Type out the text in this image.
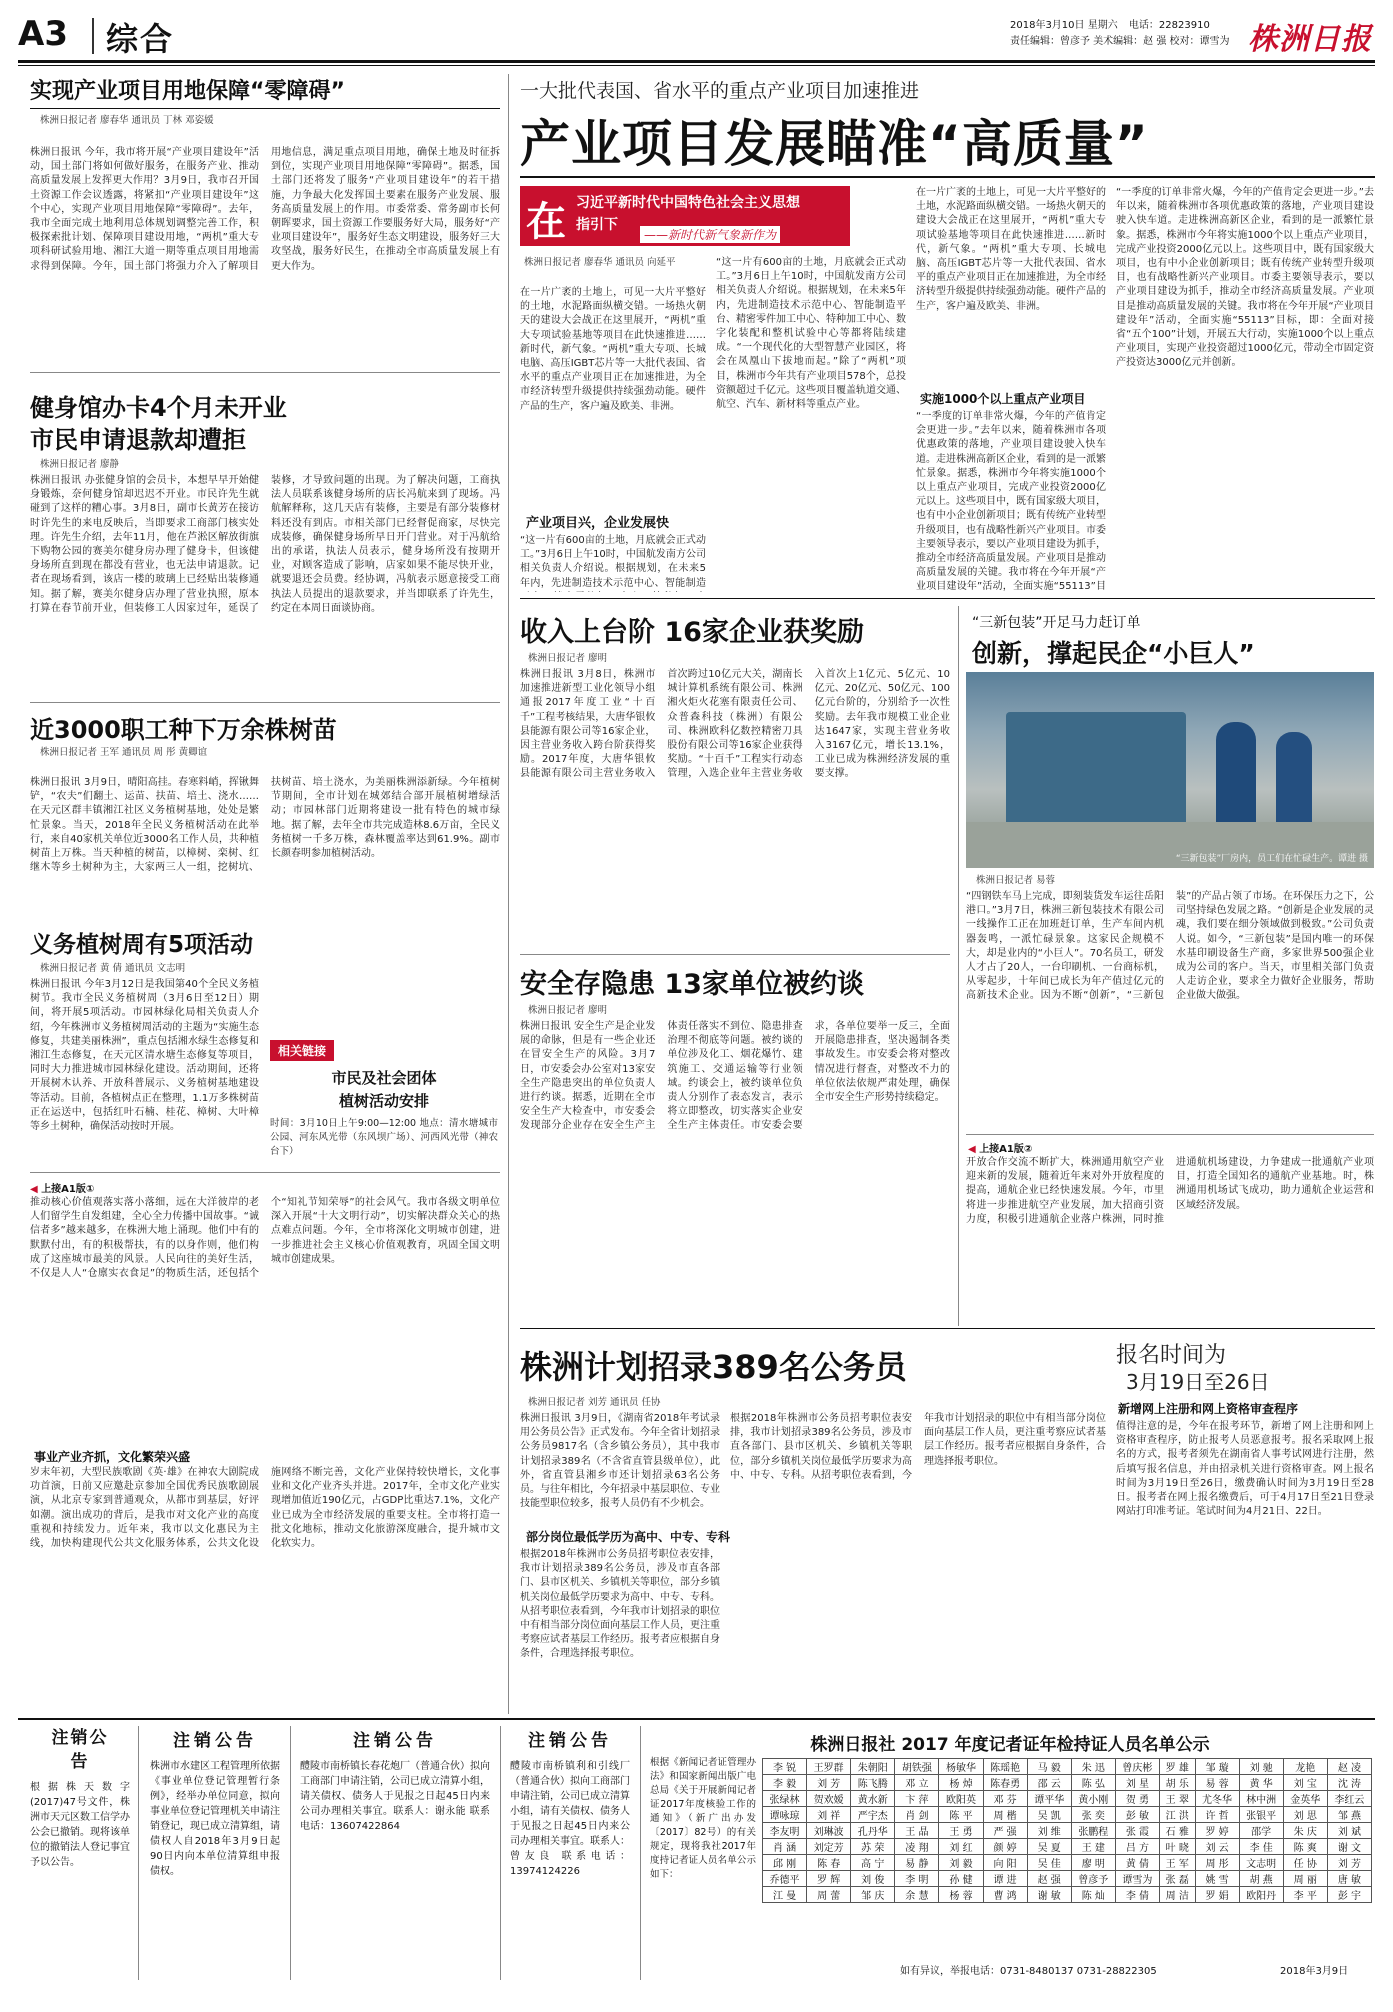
A3 综合	2018年3月10日 星期六 电话：22823910
责任编辑：曾彦予 美术编辑：赵 强 校对：谭雪为 株洲日报
实现产业项目用地保障“零障碍”
株洲日报记者 廖春华 通讯员 丁林 邓姿媛
株洲日报讯 今年，我市将开展“产业项目建设年”活动，国土部门将如何做好服务，在服务产业、推动高质量发展上发挥更大作用？3月9日，我市召开国土资源工作会议透露，将紧扣“产业项目建设年”这个中心，实现产业项目用地保障“零障碍”。去年，我市全面完成土地利用总体规划调整完善工作，积极探索批计划、保障项目建设用地，“两机”重大专项科研试验用地、湘江大道一期等重点项目用地需求得到保障。今年，国土部门将强力介入了解项目用地信息，满足重点项目用地，确保土地及时征拆到位，实现产业项目用地保障“零障碍”。据悉，国土部门还将发了服务“产业项目建设年”的若干措施，力争最大化发挥国土要素在服务产业发展、服务高质量发展上的作用。市委常委、常务副市长何朝晖要求，国土资源工作要服务好大局，服务好“产业项目建设年”，服务好生态文明建设，服务好三大攻坚战，服务好民生，在推动全市高质量发展上有更大作为。
健身馆办卡4个月未开业
市民申请退款却遭拒
株洲日报记者 廖静
株洲日报讯 办张健身馆的会员卡，本想早早开始健身锻炼，奈何健身馆却迟迟不开业。市民许先生就碰到了这样的糟心事。3月8日，副市长黄芳在接访时许先生的来电反映后，当即要求工商部门核实处理。许先生介绍，去年11月，他在芦淞区解放街旗下购物公园的赛美尔健身房办理了健身卡，但该健身场所直到现在都没有营业，也无法申请退款。记者在现场看到，该店一楼的玻璃上已经贴出装修通知。据了解，赛美尔健身店办理了营业执照，原本打算在春节前开业，但装修工人因家过年，延误了装修，才导致问题的出现。为了解决问题，工商执法人员联系该健身场所的店长冯航来到了现场。冯航解释称，这几天店有装修，主要是有部分装修材料还没有到店。市相关部门已经督促商家，尽快完成装修，确保健身场所早日开门营业。对于冯航给出的承诺，执法人员表示，健身场所没有按期开业，对顾客造成了影响，店家如果不能尽快开业，就要退还会员费。经协调，冯航表示愿意接受工商执法人员提出的退款要求，并当即联系了许先生，约定在本周日面谈协商。
近3000职工种下万余株树苗
株洲日报记者 王军 通讯员 周 彤 黄卿谊
株洲日报讯 3月9日，晴阳高挂。春寒料峭，挥锹舞铲，“农夫”们翻土、运苗、扶苗、培土、浇水……在天元区群丰镇湘江社区义务植树基地，处处是繁忙景象。当天，2018年全民义务植树活动在此举行，来自40家机关单位近3000名工作人员，共种植树苗上万株。当天种植的树苗，以樟树、栾树、红继木等乡土树种为主，大家两三人一组，挖树坑、扶树苗、培土浇水，为美丽株洲添新绿。今年植树节期间，全市计划在城郊结合部开展植树增绿活动；市园林部门近期将建设一批有特色的城市绿地。据了解，去年全市共完成造林8.6万亩，全民义务植树一千多万株，森林覆盖率达到61.9%。副市长颜春明参加植树活动。
义务植树周有5项活动
株洲日报记者 黄 倩 通讯员 文志明
株洲日报讯 今年3月12日是我国第40个全民义务植树节。我市全民义务植树周（3月6日至12日）期间，将开展5项活动。市园林绿化局相关负责人介绍，今年株洲市义务植树周活动的主题为“实施生态修复，共建美丽株洲”，重点包括湘水绿生态修复和湘江生态修复，在天元区清水塘生态修复等项目，同时大力推进城市园林绿化建设。活动期间，还将开展树木认养、开放科普展示、义务植树基地建设等活动。目前，各植树点正在整理，1.1万多株树苗正在运送中，包括红叶石楠、桂花、樟树、大叶樟等乡土树种，确保活动按时开展。
相关链接
市民及社会团体
植树活动安排
时间：3月10日上午9:00—12:00 地点：清水塘城市公园、河东风光带（东风坝广场）、河西风光带（神农台下）
◀ 上接A1版①
推动核心价值观落实落小落细，远在大洋彼岸的老人们留学生自发组建，全心全力传播中国故事。“诚信者多”越来越多，在株洲大地上涌现。他们中有的默默付出，有的积极帮扶，有的以身作则，他们构成了这座城市最美的风景。人民向往的美好生活，不仅是人人“仓廪实衣食足”的物质生活，还包括个个“知礼节知荣辱”的社会风气。我市各级文明单位深入开展“十大文明行动”，切实解决群众关心的热点难点问题。今年，全市将深化文明城市创建，进一步推进社会主义核心价值观教育，巩固全国文明城市创建成果。
事业产业齐抓，文化繁荣兴盛
岁末年初，大型民族歌剧《英·雄》在神农大剧院成功首演，日前又应邀赴京参加全国优秀民族歌剧展演，从北京专家到普通观众，从都市到基层，好评如潮。演出成功的背后，是我市对文化产业的高度重视和持续发力。近年来，我市以文化惠民为主线，加快构建现代公共文化服务体系，公共文化设施网络不断完善，文化产业保持较快增长，文化事业和文化产业齐头并进。2017年，全市文化产业实现增加值近190亿元，占GDP比重达7.1%，文化产业已成为全市经济发展的重要支柱。全市将打造一批文化地标，推动文化旅游深度融合，提升城市文化软实力。
一大批代表国、省水平的重点产业项目加速推进
产业项目发展瞄准“高质量”
在 习近平新时代中国特色社会主义思想
指引下
——新时代新气象新作为
株洲日报记者 廖春华 通讯员 向延平
在一片广袤的土地上，可见一大片平整好的土地，水泥路面纵横交错。一场热火朝天的建设大会战正在这里展开，“两机”重大专项试验基地等项目在此快速推进……新时代，新气象。“两机”重大专项、长城电脑、高压IGBT芯片等一大批代表国、省水平的重点产业项目正在加速推进，为全市经济转型升级提供持续强劲动能。硬件产品的生产，客户遍及欧美、非洲。
产业项目兴，企业发展快
“这一片有600亩的土地，月底就会正式动工。”3月6日上午10时，中国航发南方公司相关负责人介绍说。根据规划，在未来5年内，先进制造技术示范中心、智能制造
“这一片有600亩的土地，月底就会正式动工。”3月6日上午10时，中国航发南方公司相关负责人介绍说。根据规划，在未来5年内，先进制造技术示范中心、智能制造平台、精密零件加工中心、特种加工中心、数字化装配和整机试验中心等都将陆续建成。“一个现代化的大型智慧产业园区，将会在凤凰山下拔地而起。”除了“两机”项目，株洲市今年共有产业项目578个，总投资额超过千亿元。这些项目覆盖轨道交通、航空、汽车、新材料等重点产业。
在一片广袤的土地上，可见一大片平整好的土地，水泥路面纵横交错。一场热火朝天的建设大会战正在这里展开，“两机”重大专项试验基地等项目在此快速推进……新时代，新气象。“两机”重大专项、长城电脑、高压IGBT芯片等一大批代表国、省水平的重点产业项目正在加速推进，为全市经济转型升级提供持续强劲动能。硬件产品的生产，客户遍及欧美、非洲。
实施1000个以上重点产业项目
“一季度的订单非常火爆，今年的产值肯定会更进一步。”去年以来，随着株洲市各项优惠政策的落地，产业项目建设驶入快车道。走进株洲高新区企业，看到的是一派繁忙景象。据悉，株洲市今年将实施1000个以上重点产业项目，完成产业投资2000亿元以上。这些项目中，既有国家级大项目，也有中小企业创新项目；既有传统产业转型升级项目，也有战略性新兴产业项目。市委主要领导表示，要以产业项目建设为抓手，推动全市经济高质量发展。产业项目是推动高质量发展的关键。我市将在今年开展“产业项目建设年”活动，全面实施“55113”目
“一季度的订单非常火爆，今年的产值肯定会更进一步。”去年以来，随着株洲市各项优惠政策的落地，产业项目建设驶入快车道。走进株洲高新区企业，看到的是一派繁忙景象。据悉，株洲市今年将实施1000个以上重点产业项目，完成产业投资2000亿元以上。这些项目中，既有国家级大项目，也有中小企业创新项目；既有传统产业转型升级项目，也有战略性新兴产业项目。市委主要领导表示，要以产业项目建设为抓手，推动全市经济高质量发展。产业项目是推动高质量发展的关键。我市将在今年开展“产业项目建设年”活动，全面实施“55113”目标，即：全面对接省“五个100”计划，开展五大行动，实施1000个以上重点产业项目，实现产业投资超过1000亿元，带动全市固定资产投资达3000亿元并创新。
收入上台阶 16家企业获奖励
株洲日报记者 廖明
株洲日报讯 3月8日，株洲市加速推进新型工业化领导小组通报2017年度工业“十百千”工程考核结果，大唐华银攸县能源有限公司等16家企业，因主营业务收入跨台阶获得奖励。2017年度，大唐华银攸县能源有限公司主营业务收入首次跨过10亿元大关，湖南长城计算机系统有限公司、株洲湘火炬火花塞有限责任公司、众普森科技（株洲）有限公司、株洲欧科亿数控精密刀具股份有限公司等16家企业获得奖励。“十百千”工程实行动态管理，入选企业年主营业务收入首次上1亿元、5亿元、10亿元、20亿元、50亿元、100亿元台阶的，分别给予一次性奖励。去年我市规模工业企业达1647家，实现主营业务收入3167亿元，增长13.1%，工业已成为株洲经济发展的重要支撑。
安全存隐患 13家单位被约谈
株洲日报记者 廖明
株洲日报讯 安全生产是企业发展的命脉，但是有一些企业还在冒安全生产的风险。3月7日，市安委会办公室对13家安全生产隐患突出的单位负责人进行约谈。据悉，近期在全市安全生产大检查中，市安委会发现部分企业存在安全生产主体责任落实不到位、隐患排查治理不彻底等问题。被约谈的单位涉及化工、烟花爆竹、建筑施工、交通运输等行业领域。约谈会上，被约谈单位负责人分别作了表态发言，表示将立即整改，切实落实企业安全生产主体责任。市安委会要求，各单位要举一反三，全面开展隐患排查，坚决遏制各类事故发生。市安委会将对整改情况进行督查，对整改不力的单位依法依规严肃处理，确保全市安全生产形势持续稳定。
“三新包装”开足马力赶订单
创新，撑起民企“小巨人”
“三新包装”厂房内，员工们在忙碌生产。谭进 摄
株洲日报记者 易蓉
“四钢铁车马上完成，即刻装货发车运往岳阳港口。”3月7日，株洲三新包装技术有限公司一线操作工正在加班赶订单，生产车间内机器轰鸣，一派忙碌景象。这家民企规模不大，却是业内的“小巨人”。70名员工，研发人才占了20人，一台印刷机、一台商标机，从零起步，十年间已成长为年产值过亿元的高新技术企业。因为不断“创新”，“三新包装”的产品占领了市场。在环保压力之下，公司坚持绿色发展之路。“创新是企业发展的灵魂，我们要在细分领域做到极致。”公司负责人说。如今，“三新包装”是国内唯一的环保水基印刷设备生产商，多家世界500强企业成为公司的客户。当天，市里相关部门负责人走访企业，要求全力做好企业服务，帮助企业做大做强。
◀ 上接A1版②
开放合作交流不断扩大，株洲通用航空产业迎来新的发展，随着近年来对外开放程度的提高，通航企业已经快速发展。今年，市里将进一步推进航空产业发展，加大招商引资力度，积极引进通航企业落户株洲，同时推进通航机场建设，力争建成一批通航产业项目，打造全国知名的通航产业基地。时，株洲通用机场试飞成功，助力通航企业运营和区域经济发展。
株洲计划招录389名公务员	报名时间为
3月19日至26日
株洲日报记者 刘芳 通讯员 任协
株洲日报讯 3月9日，《湖南省2018年考试录用公务员公告》正式发布。今年全省计划招录公务员9817名（含乡镇公务员），其中我市计划招录389名（不含省直管县级单位），此外，省直管县湘乡市还计划招录63名公务员。与往年相比，今年招录中基层职位、专业技能型职位较多，报考人员仍有不少机会。
部分岗位最低学历为高中、中专、专科
根据2018年株洲市公务员招考职位表安排，我市计划招录389名公务员，涉及市直各部门、县市区机关、乡镇机关等职位，部分乡镇机关岗位最低学历要求为高中、中专、专科。从招考职位表看到，今年我市计划招录的职位中有相当部分岗位面向基层工作人员，更注重考察应试者基层工作经历。报考者应根据自身条件，合理选择报考职位。
根据2018年株洲市公务员招考职位表安排，我市计划招录389名公务员，涉及市直各部门、县市区机关、乡镇机关等职位，部分乡镇机关岗位最低学历要求为高中、中专、专科。从招考职位表看到，今年我市计划招录的职位中有相当部分岗位面向基层工作人员，更注重考察应试者基层工作经历。报考者应根据自身条件，合理选择报考职位。
新增网上注册和网上资格审查程序
值得注意的是，今年在报考环节，新增了网上注册和网上资格审查程序，防止报考人员恶意报考。报名采取网上报名的方式，报考者须先在湖南省人事考试网进行注册，然后填写报名信息，并由招录机关进行资格审查。网上报名时间为3月19日至26日，缴费确认时间为3月19日至28日。报考者在网上报名缴费后，可于4月17日至21日登录网站打印准考证。笔试时间为4月21日、22日。
注销公告
根据株天数字(2017)47号文件，株洲市天元区数工信学办公会已撤销。现将该单位的撤销法人登记事宜予以公告。
注销公告
株洲市水建区工程管理所依据《事业单位登记管理暂行条例》，经举办单位同意，拟向事业单位登记管理机关申请注销登记，现已成立清算组，请债权人自2018年3月9日起90日内向本单位清算组申报债权。
注销公告
醴陵市南桥镇长春花炮厂（普通合伙）拟向工商部门申请注销，公司已成立清算小组，请关债权、债务人于见报之日起45日内来公司办理相关事宜。联系人：谢永能 联系电话：13607422864
注销公告
醴陵市南桥镇利和引线厂（普通合伙）拟向工商部门申请注销，公司已成立清算小组，请有关债权、债务人于见报之日起45日内来公司办理相关事宜。联系人：曾友良 联系电话：13974124226
株洲日报社 2017 年度记者证年检持证人员名单公示
根据《新闻记者证管理办法》和国家新闻出版广电总局《关于开展新闻记者证2017年度核验工作的通知》（新广出办发〔2017〕82号）的有关规定，现将我社2017年度持记者证人员名单公示如下：
李 锐	王罗群	朱朝阳	胡铁强	杨敏华	陈瑶艳	马 毅	朱 迅	曾庆彬	罗 雄	邹 璇	刘 驰	龙艳	赵 凌
李 毅	刘 芳	陈飞腾	邓 立	杨 焯	陈春勇	邵 云	陈 弘	刘 星	胡 乐	易 蓉	黄 华	刘 宝	沈 涛
张绿林	贺欢嫒	黄水新	卞 萍	欧阳英	邓 芬	谭平华	黄小刚	贺 勇	王 翠	尤冬华	林中洲	金英华	李红云
谭咏琼	刘 祥	严宇杰	肖 剑	陈 平	周 楷	吴 凯	张 奕	彭 敏	江 洪	许 哲	张银平	刘 思	邹 燕
李友明	刘琳波	孔丹华	王 晶	王 勇	严 强	刘 维	张鹏程	张 霞	石 雅	罗 婷	邵学	朱 庆	刘 斌
肖 涵	刘定芳	苏 荣	凌 翔	刘 红	颜 婷	吴 夏	王 建	吕 方	叶 晓	刘 云	李 佳	陈 爽	谢 文
邱 刚	陈 春	高 宁	易 静	刘 毅	向 阳	吴 佳	廖 明	黄 倩	王 军	周 彤	文志明	任 协	刘 芳
乔德平	罗 辉	刘 俊	李 明	孙 健	谭 进	赵 强	曾彦予	谭雪为	张 磊	姚 雪	胡 燕	周 丽	唐 敏
江 曼	周 蕾	邹 庆	余 慧	杨 蓉	曹 鸿	谢 敏	陈 灿	李 倩	周 洁	罗 娟	欧阳丹	李 平	彭 宇
如有异议，举报电话：0731-8480137 0731-28822305	2018年3月9日
